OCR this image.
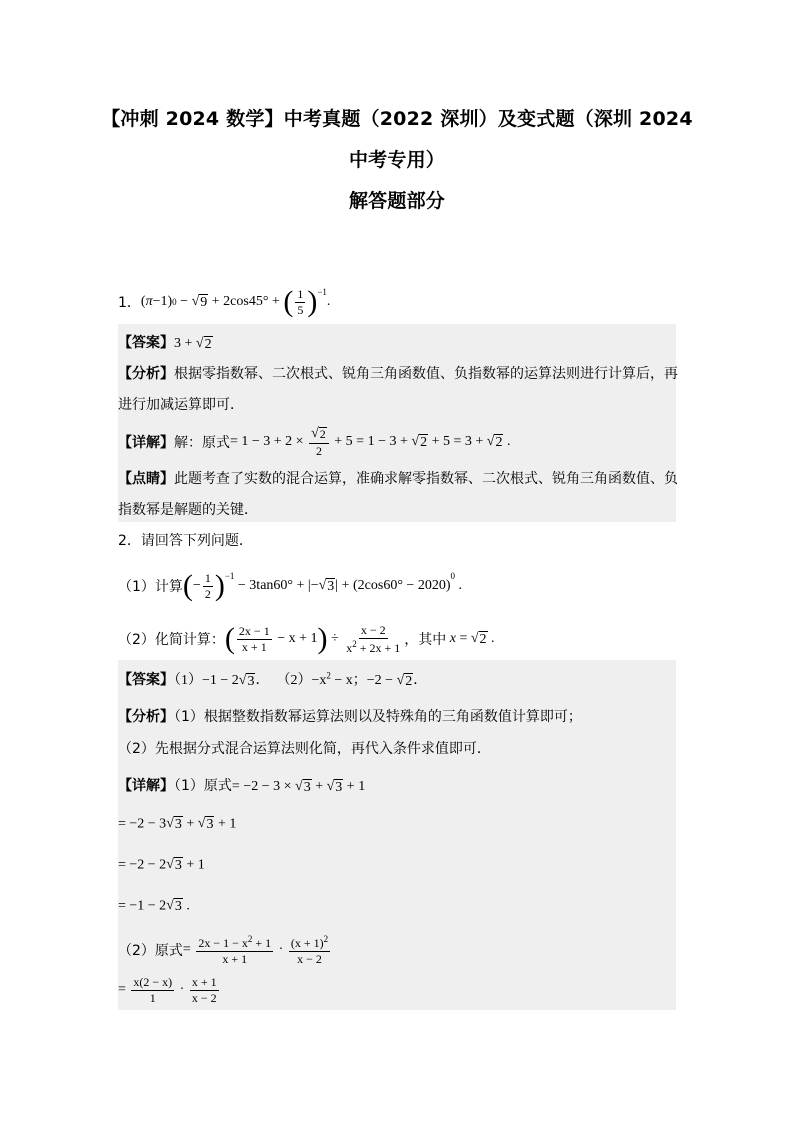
【冲刺 2024 数学】中考真题（2022 深圳）及变式题（深圳 2024
中考专用）
解答题部分
1． ( π −1) 0 − √ 9 + 2cos45° + ( $\frac{1}{5} )^{-1}$
.
【答案】3 + √ 2
【分析】根据零指数幂、二次根式、锐角三角函数值、负指数幂的运算法则进行计算后，再
进行加减运算即可．
【详解】 解：原式 = $1 - 3 + 2 \times \frac{√ 2}{2} + 5 = 1 - 3$ + √ 2 + 5 = 3 + √ 2 .
【点睛】此题考查了实数的混合运算，准确求解零指数幂、二次根式、锐角三角函数值、负
指数幂是解题的关键．
2．请回答下列问题．
（1）计算 ( − $\frac{1}{2} )^{-1}$
− 3tan60° + |− √ 3 | + (2cos60° − 2020)
$^0$
.
（2）化简计算： ( $\frac{2x - 1}{x + 1} - x + 1$ ) ÷ $\frac{x - 2}{x^2 + 2x + 1}$ ，其中
x = √ 2 .
【答案】（1）−1 − 2 √ 3 ．  $(2)-x^2 - x$；−2 − √ 2 ．
【分析】（1）根据整数指数幂运算法则以及特殊角的三角函数值计算即可；
（2）先根据分式混合运算法则化简，再代入条件求值即可．
【详解】（1）原式= −2 − 3 × √ 3 + √ 3 + 1
= −2 − 3 √ 3 + √ 3 + 1
= −2 − 2 √ 3 + 1
= −1 − 2 √ 3 .
（2）原式 = $\frac{2x - 1 - x^2 + 1}{x + 1} \cdot \frac{(x + 1)^2}{x - 2}$
= $\frac{x(2 - x)}{1} \cdot \frac{x + 1}{x - 2}$
